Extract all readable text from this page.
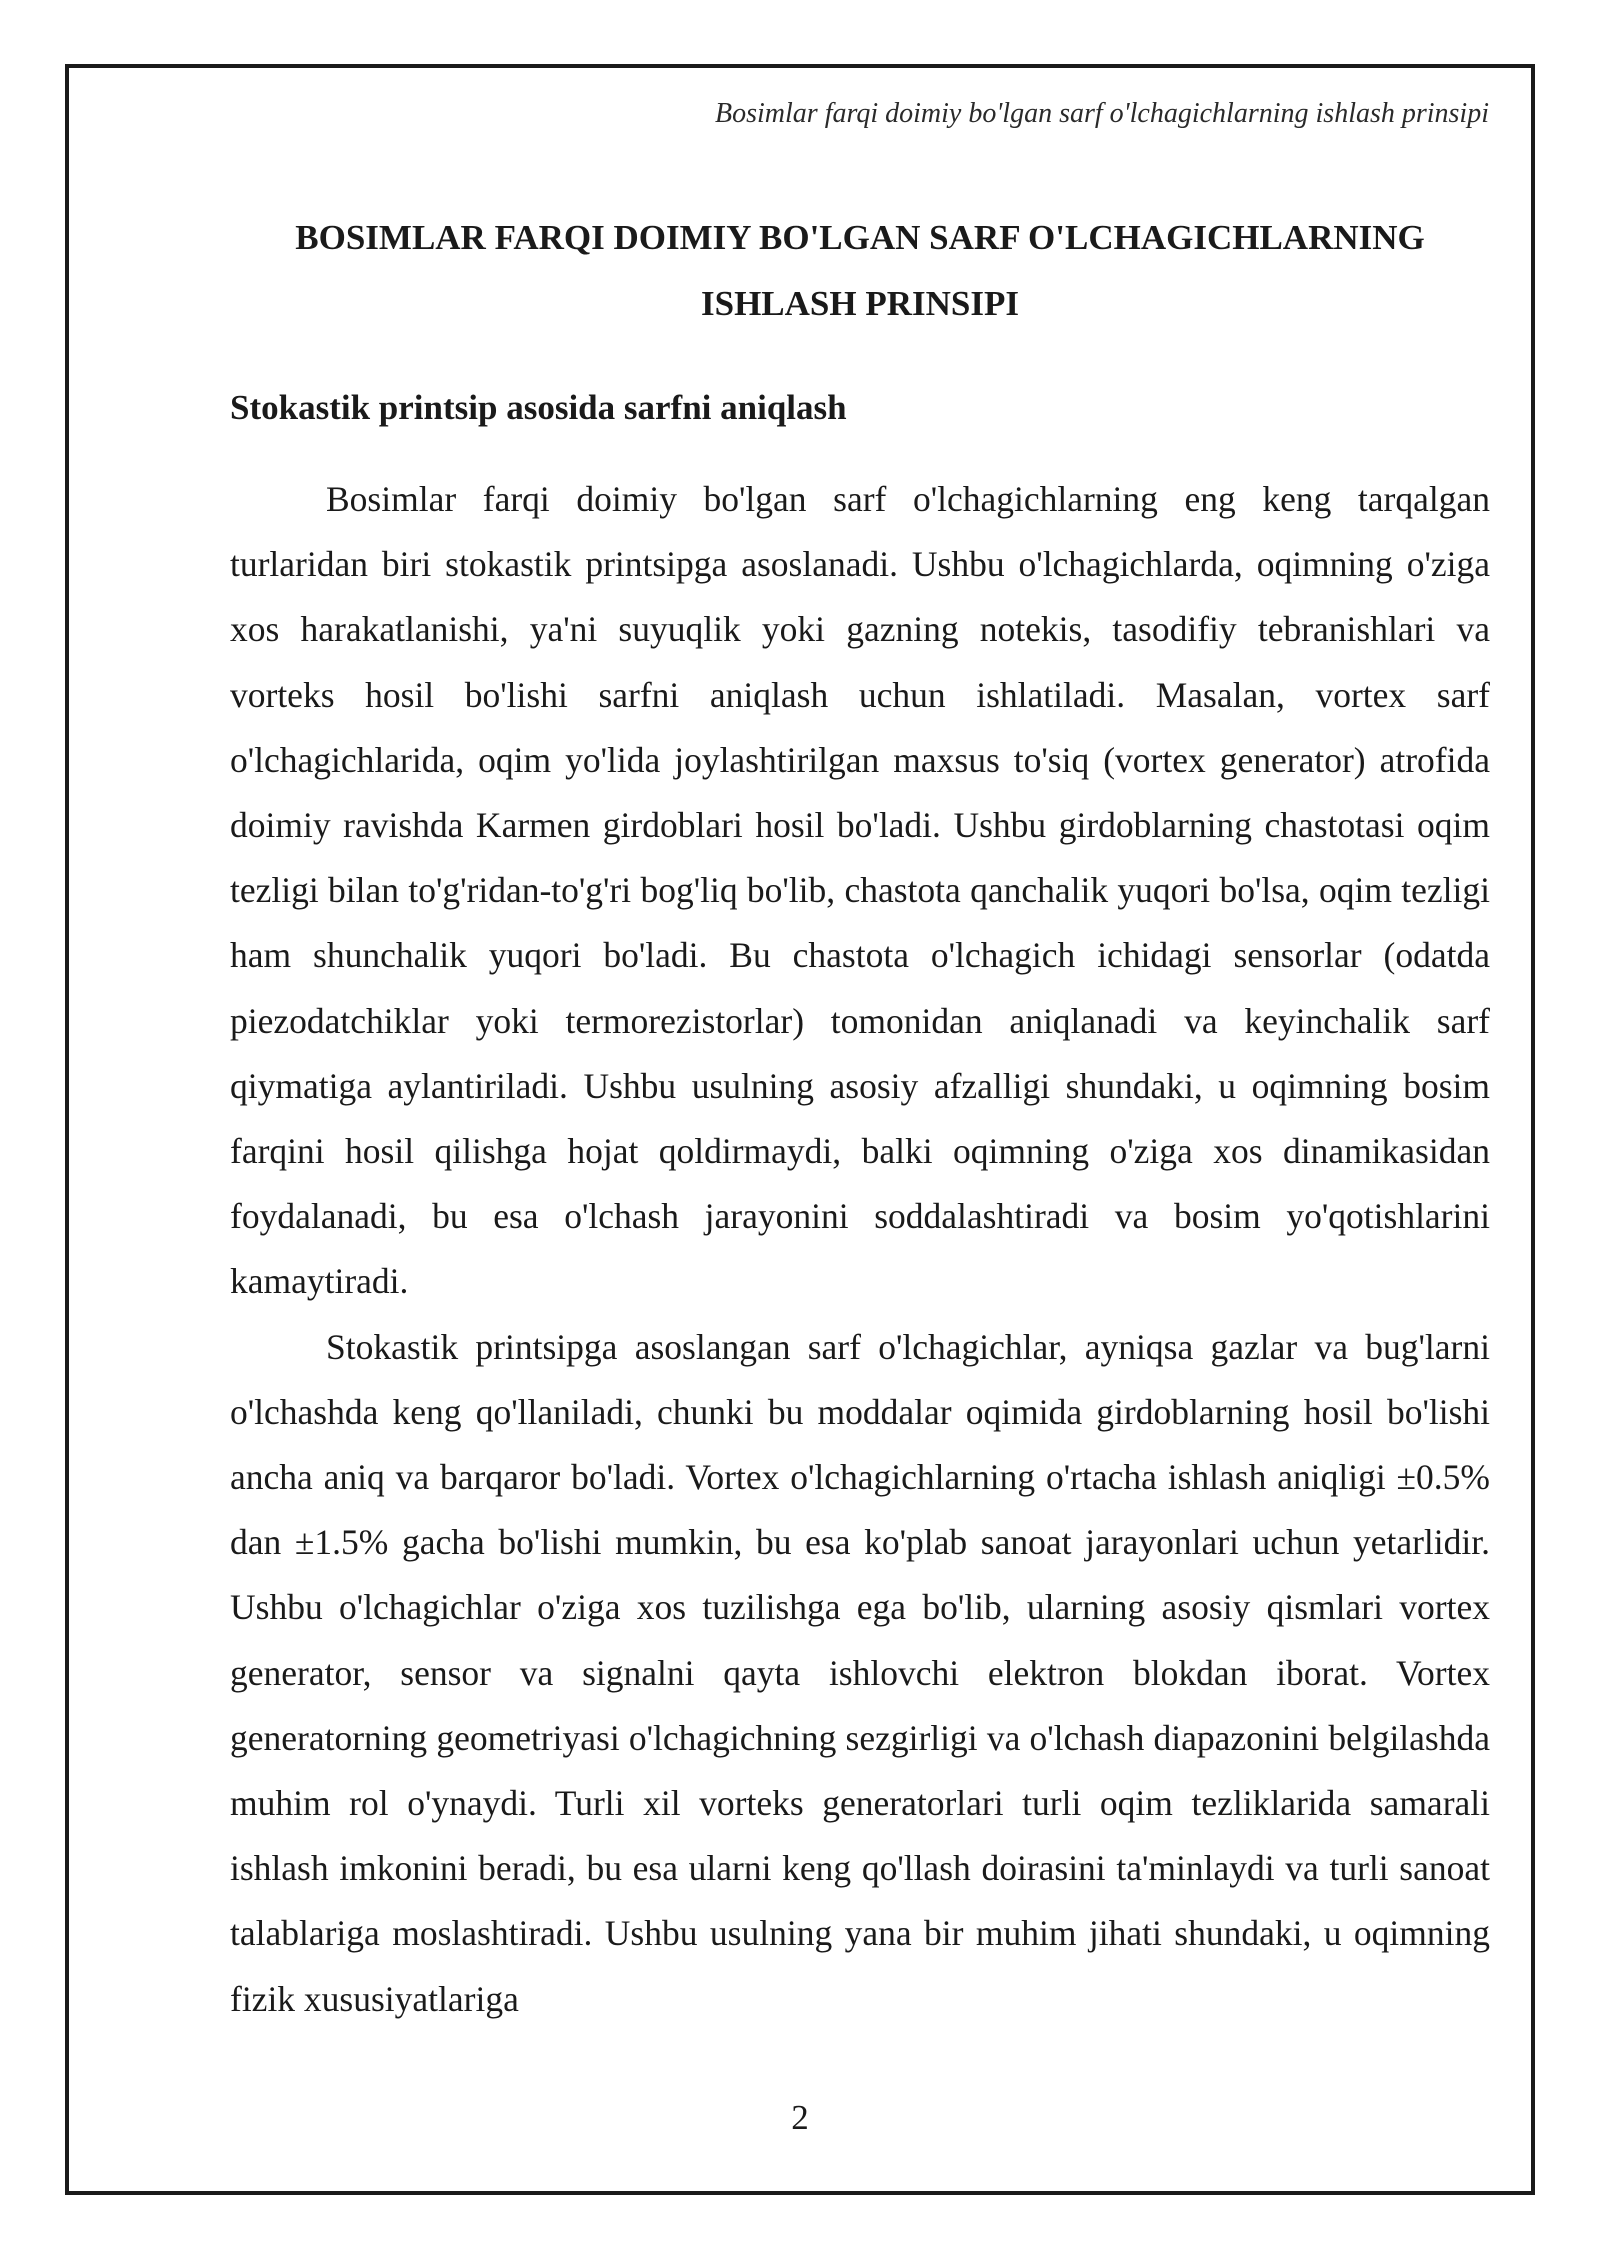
Bosimlar farqi doimiy bo'lgan sarf o'lchagichlarning ishlash prinsipi
BOSIMLAR FARQI DOIMIY BO'LGAN SARF O'LCHAGICHLARNING ISHLASH PRINSIPI
Stokastik printsip asosida sarfni aniqlash

Bosimlar farqi doimiy bo'lgan sarf o'lchagichlarning eng keng tarqalgan turlaridan biri stokastik printsipga asoslanadi. Ushbu o'lchagichlarda, oqimning o'ziga xos harakatlanishi, ya'ni suyuqlik yoki gazning notekis, tasodifiy tebranishlari va vorteks hosil bo'lishi sarfni aniqlash uchun ishlatiladi. Masalan, vortex sarf o'lchagichlarida, oqim yo'lida joylashtirilgan maxsus to'siq (vortex generator) atrofida doimiy ravishda Karmen girdoblari hosil bo'ladi. Ushbu girdoblarning chastotasi oqim tezligi bilan to'g'ridan-to'g'ri bog'liq bo'lib, chastota qanchalik yuqori bo'lsa, oqim tezligi ham shunchalik yuqori bo'ladi. Bu chastota o'lchagich ichidagi sensorlar (odatda piezodatchiklar yoki termorezistorlar) tomonidan aniqlanadi va keyinchalik sarf qiymatiga aylantiriladi. Ushbu usulning asosiy afzalligi shundaki, u oqimning bosim farqini hosil qilishga hojat qoldirmaydi, balki oqimning o'ziga xos dinamikasidan foydalanadi, bu esa o'lchash jarayonini soddalashtiradi va bosim yo'qotishlarini kamaytiradi.

Stokastik printsipga asoslangan sarf o'lchagichlar, ayniqsa gazlar va bug'larni o'lchashda keng qo'llaniladi, chunki bu moddalar oqimida girdoblarning hosil bo'lishi ancha aniq va barqaror bo'ladi. Vortex o'lchagichlarning o'rtacha ishlash aniqligi ±0.5% dan ±1.5% gacha bo'lishi mumkin, bu esa ko'plab sanoat jarayonlari uchun yetarlidir. Ushbu o'lchagichlar o'ziga xos tuzilishga ega bo'lib, ularning asosiy qismlari vortex generator, sensor va signalni qayta ishlovchi elektron blokdan iborat. Vortex generatorning geometriyasi o'lchagichning sezgirligi va o'lchash diapazonini belgilashda muhim rol o'ynaydi. Turli xil vorteks generatorlari turli oqim tezliklarida samarali ishlash imkonini beradi, bu esa ularni keng qo'llash doirasini ta'minlaydi va turli sanoat talablariga moslashtiradi. Ushbu usulning yana bir muhim jihati shundaki, u oqimning fizik xususiyatlariga

2
